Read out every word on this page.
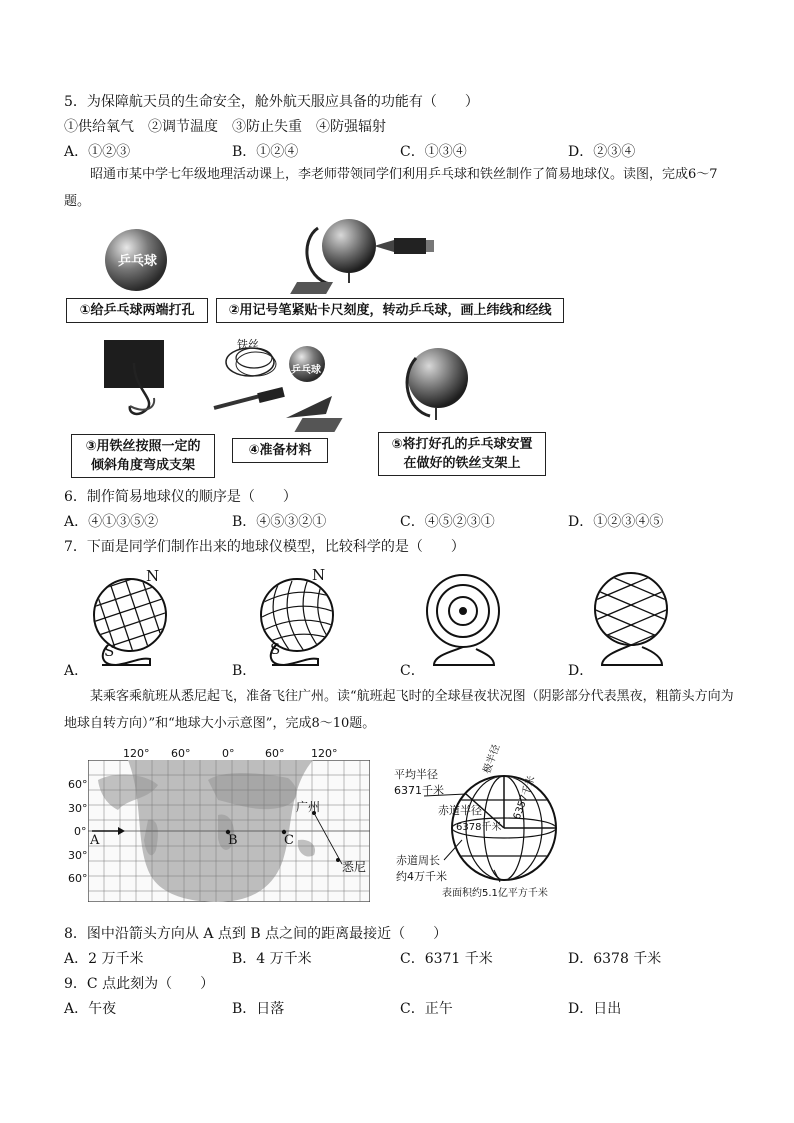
5．为保障航天员的生命安全，舱外航天服应具备的功能有（　　）
①供给氧气　②调节温度　③防止失重　④防强辐射
A．①②③	B．①②④	C．①③④	D．②③④
昭通市某中学七年级地理活动课上，李老师带领同学们利用乒乓球和铁丝制作了简易地球仪。读图，完成6～7题。
乒乓球
铁丝
乒乓球
①给乒乓球两端打孔	②用记号笔紧贴卡尺刻度，转动乒乓球，画上纬线和经线
③用铁丝按照一定的
倾斜角度弯成支架
④准备材料	⑤将打好孔的乒乓球安置
在做好的铁丝支架上
6．制作简易地球仪的顺序是（　　）
A．④①③⑤②	B．④⑤③②①	C．④⑤②③①	D．①②③④⑤
7．下面是同学们制作出来的地球仪模型，比较科学的是（　　）
N
S
N
S
A．	B．	C．	D．
某乘客乘航班从悉尼起飞，准备飞往广州。读“航班起飞时的全球昼夜状况图（阴影部分代表黑夜，粗箭头方向为地球自转方向）”和“地球大小示意图”，完成8～10题。
120° 60°	0°	60° 120°
60°
30°
0°
30°
60°
A	B	C
广州
悉尼
平均半径
6371千米
极半径
6357千米
赤道半径
6378千米
赤道周长
约4万千米
表面积约5.1亿平方千米
8．图中沿箭头方向从 A 点到 B 点之间的距离最接近（　　）
A．2 万千米	B．4 万千米	C．6371 千米	D．6378 千米
9．C 点此刻为（　　）
A．午夜	B．日落	C．正午	D．日出
